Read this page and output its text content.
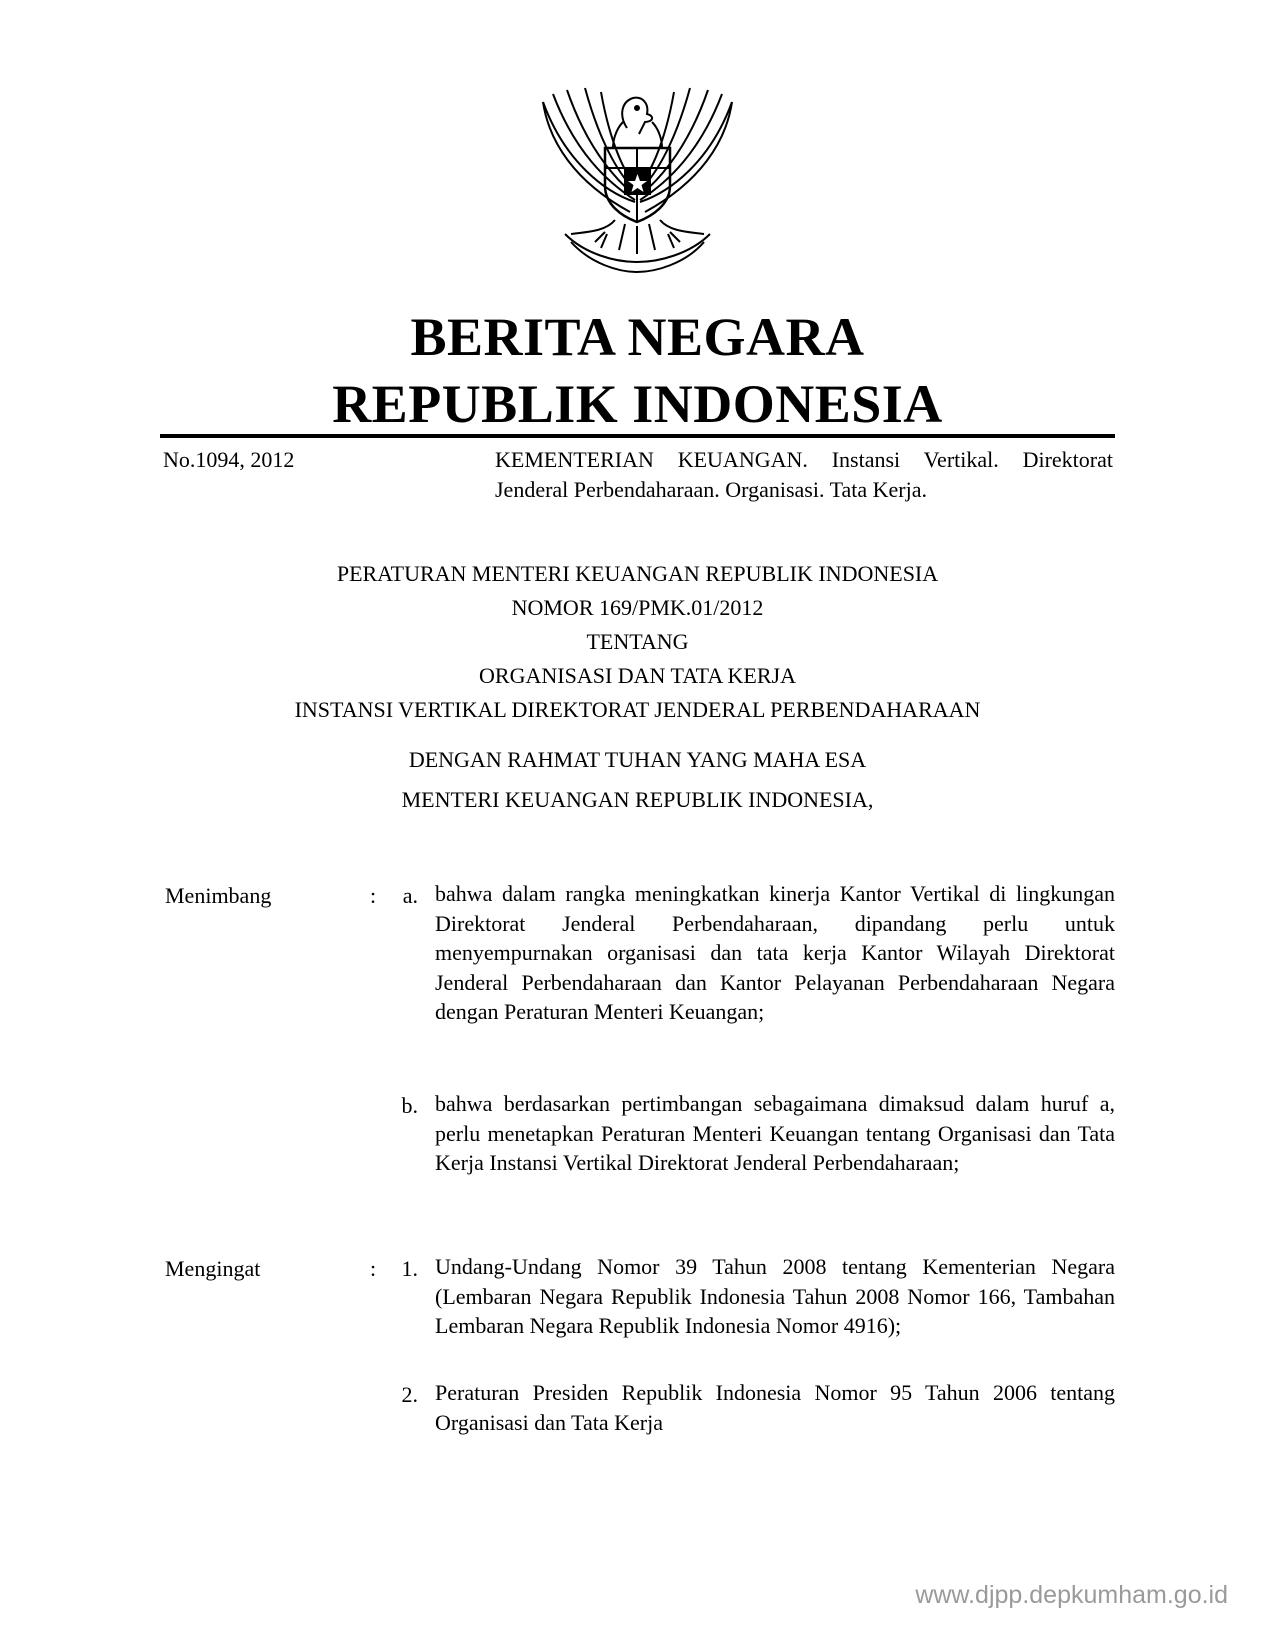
BERITA NEGARA
REPUBLIK INDONESIA
No.1094, 2012	KEMENTERIAN KEUANGAN. Instansi Vertikal. Direktorat Jenderal Perbendaharaan. Organisasi. Tata Kerja.

PERATURAN MENTERI KEUANGAN REPUBLIK INDONESIA

NOMOR 169/PMK.01/2012

TENTANG

ORGANISASI DAN TATA KERJA

INSTANSI VERTIKAL DIREKTORAT JENDERAL PERBENDAHARAAN

DENGAN RAHMAT TUHAN YANG MAHA ESA

MENTERI KEUANGAN REPUBLIK INDONESIA,

Menimbang	:	a. bahwa dalam rangka meningkatkan kinerja Kantor Vertikal di lingkungan Direktorat Jenderal Perbendaharaan, dipandang perlu untuk menyempurnakan organisasi dan tata kerja Kantor Wilayah Direktorat Jenderal Perbendaharaan dan Kantor Pelayanan Perbendaharaan Negara dengan Peraturan Menteri Keuangan;

b. bahwa berdasarkan pertimbangan sebagaimana dimaksud dalam huruf a, perlu menetapkan Peraturan Menteri Keuangan tentang Organisasi dan Tata Kerja Instansi Vertikal Direktorat Jenderal Perbendaharaan;

Mengingat	:	1. Undang-Undang Nomor 39 Tahun 2008 tentang Kementerian Negara (Lembaran Negara Republik Indonesia Tahun 2008 Nomor 166, Tambahan Lembaran Negara Republik Indonesia Nomor 4916);

2. Peraturan Presiden Republik Indonesia Nomor 95 Tahun 2006 tentang Organisasi dan Tata Kerja

www.djpp.depkumham.go.id
